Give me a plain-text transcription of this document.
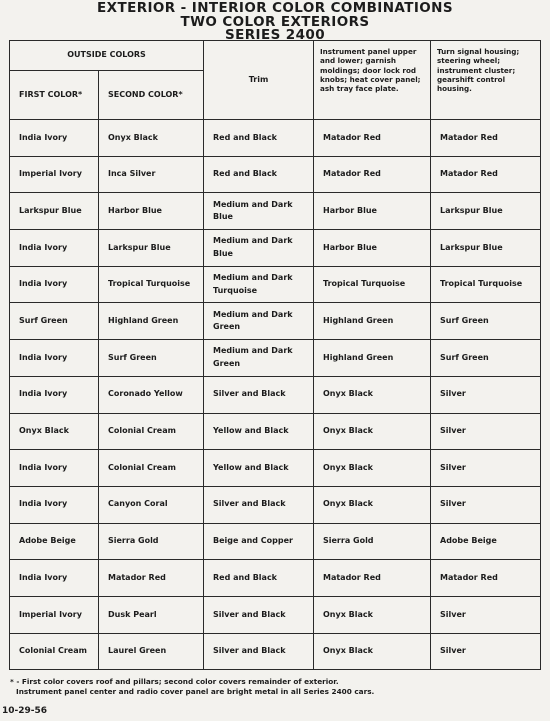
EXTERIOR - INTERIOR COLOR COMBINATIONS
TWO COLOR EXTERIORS
SERIES 2400
OUTSIDE COLORS		Trim	Instrument panel upper and lower; garnish moldings; door lock rod knobs; heat cover panel; ash tray face plate.	Turn signal housing; steering wheel; instrument cluster; gearshift control housing.
FIRST COLOR*	SECOND COLOR*			
India Ivory	Onyx Black	Red and Black	Matador Red	Matador Red
Imperial Ivory	Inca Silver	Red and Black	Matador Red	Matador Red
Larkspur Blue	Harbor Blue	Medium and Dark Blue	Harbor Blue	Larkspur Blue
India Ivory	Larkspur Blue	Medium and Dark Blue	Harbor Blue	Larkspur Blue
India Ivory	Tropical Turquoise	Medium and Dark Turquoise	Tropical Turquoise	Tropical Turquoise
Surf Green	Highland Green	Medium and Dark Green	Highland Green	Surf Green
India Ivory	Surf Green	Medium and Dark Green	Highland Green	Surf Green
India Ivory	Coronado Yellow	Silver and Black	Onyx Black	Silver
Onyx Black	Colonial Cream	Yellow and Black	Onyx Black	Silver
India Ivory	Colonial Cream	Yellow and Black	Onyx Black	Silver
India Ivory	Canyon Coral	Silver and Black	Onyx Black	Silver
Adobe Beige	Sierra Gold	Beige and Copper	Sierra Gold	Adobe Beige
India Ivory	Matador Red	Red and Black	Matador Red	Matador Red
Imperial Ivory	Dusk Pearl	Silver and Black	Onyx Black	Silver
Colonial Cream	Laurel Green	Silver and Black	Onyx Black	Silver
* - First color covers roof and pillars; second color covers remainder of exterior.
Instrument panel center and radio cover panel are bright metal in all Series 2400 cars.
10-29-56
